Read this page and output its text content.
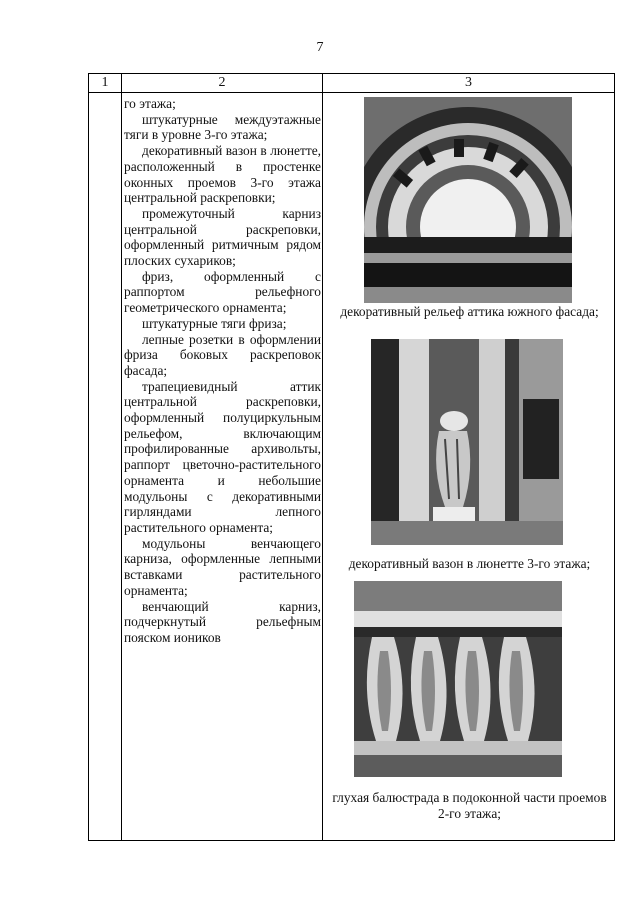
7
1	2	3

го этажа;

штукатурные междуэтажные тяги в уровне 3-го этажа;

декоративный вазон в люнетте, расположенный в простенке оконных проемов 3-го этажа центральной раскреповки;

промежуточный карниз центральной раскреповки, оформленный ритмичным рядом плоских сухариков;

фриз, оформленный с раппортом рельефного геометрического орнамента;

штукатурные тяги фриза;

лепные розетки в оформлении фриза боковых раскреповок фасада;

трапециевидный аттик центральной раскреповки, оформленный полуциркульным рельефом, включающим профилированные архивольты, раппорт цветочно-растительного орнамента и небольшие модульоны с декоративными гирляндами лепного растительного орнамента;

модульоны венчающего карниза, оформленные лепными вставками растительного орнамента;

венчающий карниз, подчеркнутый рельефным пояском иоников

декоративный рельеф аттика южного фасада;
декоративный вазон в люнетте 3-го этажа;
глухая балюстрада в подоконной части проемов 2-го этажа;
